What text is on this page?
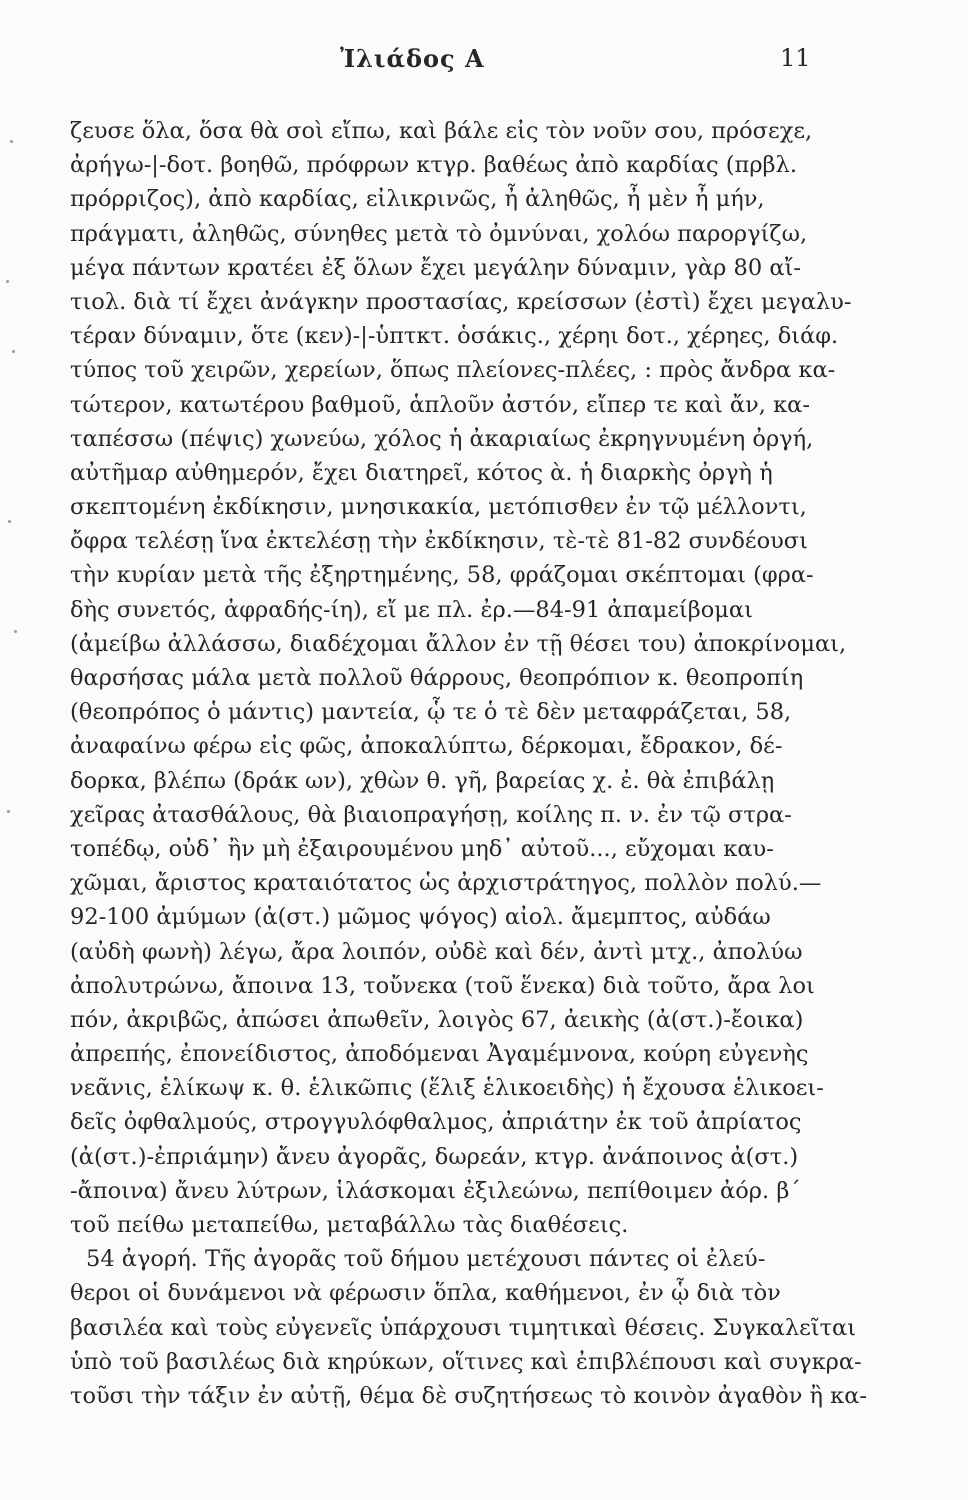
Ἰλιάδος Α	11
ζευσε ὅλα, ὅσα θὰ σοὶ εἴπω, καὶ βάλε εἰς τὸν νοῦν σου, πρόσεχε,
ἀρήγω-|-δοτ. βοηθῶ, πρόφρων κτγρ. βαθέως ἀπὸ καρδίας (πρβλ.
πρόρριζος), ἀπὸ καρδίας, εἰλικρινῶς, ἦ ἀληθῶς, ἦ μὲν ἦ μήν,
πράγματι, ἀληθῶς, σύνηθες μετὰ τὸ ὀμνύναι, χολόω παροργίζω,
μέγα πάντων κρατέει ἐξ ὅλων ἔχει μεγάλην δύναμιν, γὰρ 80 αἴ-
τιολ. διὰ τί ἔχει ἀνάγκην προστασίας, κρείσσων (ἐστὶ) ἔχει μεγαλυ-
τέραν δύναμιν, ὅτε (κεν)-|-ὑπτκτ. ὁσάκις., χέρηι δοτ., χέρηες, διάφ.
τύπος τοῦ χειρῶν, χερείων, ὅπως πλείονες-πλέες, : πρὸς ἄνδρα κα-
τώτερον, κατωτέρου βαθμοῦ, ἁπλοῦν ἀστόν, εἴπερ τε καὶ ἄν, κα-
ταπέσσω (πέψις) χωνεύω, χόλος ἡ ἀκαριαίως ἐκρηγνυμένη ὀργή,
αὐτῆμαρ αὐθημερόν, ἔχει διατηρεῖ, κότος ὰ. ἡ διαρκὴς ὀργὴ ἡ
σκεπτομένη ἐκδίκησιν, μνησικακία, μετόπισθεν ἐν τῷ μέλλοντι,
ὄφρα τελέσῃ ἵνα ἐκτελέσῃ τὴν ἐκδίκησιν, τὲ-τὲ 81-82 συνδέουσι
τὴν κυρίαν μετὰ τῆς ἐξηρτημένης, 58, φράζομαι σκέπτομαι (φρα-
δὴς συνετός, ἀφραδής-ίη), εἴ με πλ. ἐρ.—84-91 ἀπαμείβομαι
(ἀμείβω ἀλλάσσω, διαδέχομαι ἄλλον ἐν τῇ θέσει του) ἀποκρίνομαι,
θαρσήσας μάλα μετὰ πολλοῦ θάρρους, θεοπρόπιον κ. θεοπροπίη
(θεοπρόπος ὁ μάντις) μαντεία, ᾧ τε ὁ τὲ δὲν μεταφράζεται, 58,
ἀναφαίνω φέρω εἰς φῶς, ἀποκαλύπτω, δέρκομαι, ἔδρακον, δέ-
δορκα, βλέπω (δράκ ων), χθὼν θ. γῆ, βαρείας χ. ἐ. θὰ ἐπιβάλῃ
χεῖρας ἀτασθάλους, θὰ βιαιοπραγήσῃ, κοίλης π. ν. ἐν τῷ στρα-
τοπέδῳ, οὐδ᾽ ἢν μὴ ἐξαιρουμένου μηδ᾽ αὐτοῦ..., εὔχομαι καυ-
χῶμαι, ἄριστος κραταιότατος ὡς ἀρχιστράτηγος, πολλὸν πολύ.—
92-100 ἀμύμων (ἀ(στ.) μῶμος ψόγος) αἰολ. ἄμεμπτος, αὐδάω
(αὐδὴ φωνὴ) λέγω, ἄρα λοιπόν, οὐδὲ καὶ δέν, ἀντὶ μτχ., ἀπολύω
ἀπολυτρώνω, ἄποινα 13, τοὔνεκα (τοῦ ἕνεκα) διὰ τοῦτο, ἄρα λοι
πόν, ἀκριβῶς, ἀπώσει ἀπωθεῖν, λοιγὸς 67, ἀεικὴς (ἀ(στ.)-ἔοικα)
ἀπρεπής, ἐπονείδιστος, ἀποδόμεναι Ἀγαμέμνονα, κούρη εὐγενὴς
νεᾶνις, ἑλίκωψ κ. θ. ἑλικῶπις (ἕλιξ ἑλικοειδὴς) ἡ ἔχουσα ἑλικοει-
δεῖς ὀφθαλμούς, στρογγυλόφθαλμος, ἀπριάτην ἐκ τοῦ ἀπρίατος
(ἀ(στ.)-ἐπριάμην) ἄνευ ἀγορᾶς, δωρεάν, κτγρ. ἀνάποινος ἀ(στ.)
-ἄποινα) ἄνευ λύτρων, ἱλάσκομαι ἐξιλεώνω, πεπίθοιμεν ἀόρ. β΄
τοῦ πείθω μεταπείθω, μεταβάλλω τὰς διαθέσεις.
54 ἀγορή. Τῆς ἀγορᾶς τοῦ δήμου μετέχουσι πάντες οἱ ἐλεύ-
θεροι οἱ δυνάμενοι νὰ φέρωσιν ὅπλα, καθήμενοι, ἐν ᾧ διὰ τὸν
βασιλέα καὶ τοὺς εὐγενεῖς ὑπάρχουσι τιμητικαὶ θέσεις. Συγκαλεῖται
ὑπὸ τοῦ βασιλέως διὰ κηρύκων, οἵτινες καὶ ἐπιβλέπουσι καὶ συγκρα-
τοῦσι τὴν τάξιν ἐν αὐτῇ, θέμα δὲ συζητήσεως τὸ κοινὸν ἀγαθὸν ἢ κα-
